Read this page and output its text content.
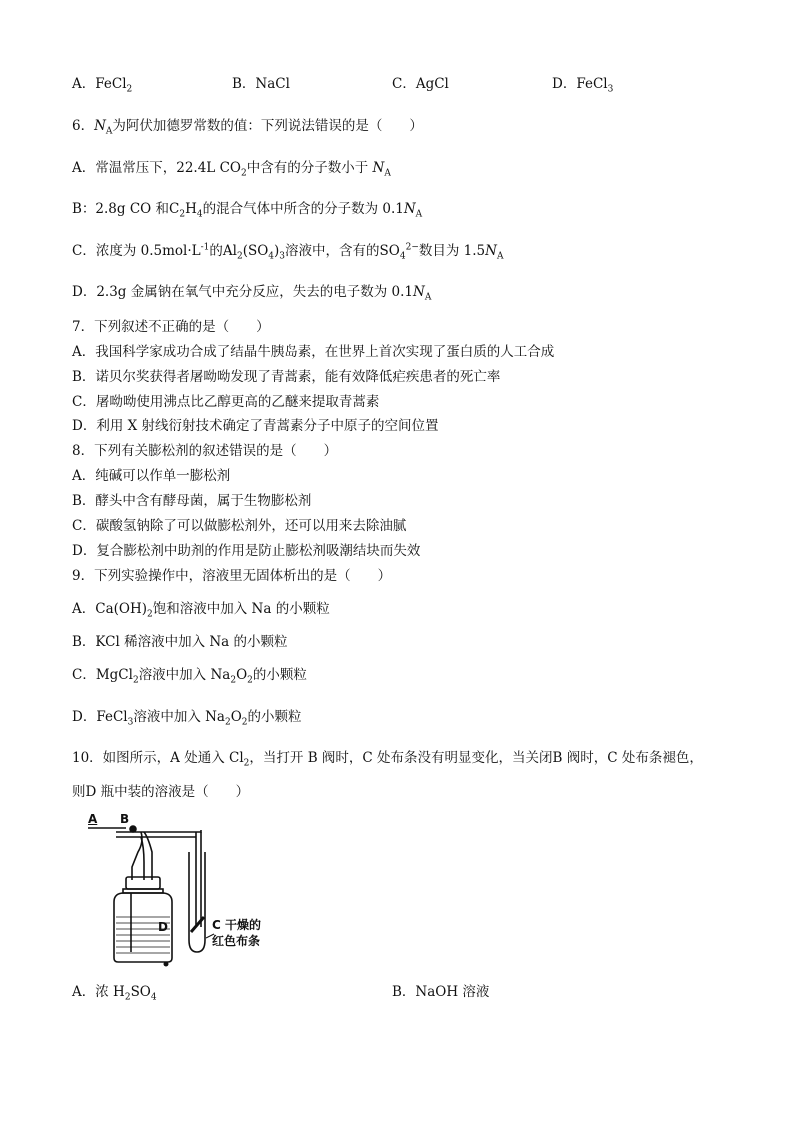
A．FeCl$_2$	B．NaCl	C．AgCl	D．FeCl$_3$
6．$N_A$为阿伏加德罗常数的值：下列说法错误的是（　　）
A．常温常压下，22.4L $CO_2$中含有的分子数小于 $N_A$
B：2.8g CO 和$C_2H_4$的混合气体中所含的分子数为 $0.1N_A$
C．浓度为 $0.5mol\cdot L^{-1}$的$Al_2(SO_4)_3$溶液中，含有的$SO_4^{2-}$数目为 $1.5N_A$
D．2.3g 金属钠在氧气中充分反应，失去的电子数为 $0.1N_A$
7．下列叙述不正确的是（　　）
A．我国科学家成功合成了结晶牛胰岛素，在世界上首次实现了蛋白质的人工合成
B．诺贝尔奖获得者屠呦呦发现了青蒿素，能有效降低疟疾患者的死亡率
C．屠呦呦使用沸点比乙醇更高的乙醚来提取青蒿素
D．利用 X 射线衍射技术确定了青蒿素分子中原子的空间位置
8．下列有关膨松剂的叙述错误的是（　　）
A．纯碱可以作单一膨松剂
B．酵头中含有酵母菌，属于生物膨松剂
C．碳酸氢钠除了可以做膨松剂外，还可以用来去除油腻
D．复合膨松剂中助剂的作用是防止膨松剂吸潮结块而失效
9．下列实验操作中，溶液里无固体析出的是（　　）
A．$Ca(OH)_2$饱和溶液中加入 Na 的小颗粒
B．KCl 稀溶液中加入 Na 的小颗粒
C．MgCl$_2$溶液中加入 $Na_2O_2$的小颗粒
D．FeCl$_3$溶液中加入 $Na_2O_2$的小颗粒
10．如图所示，A 处通入 $Cl_2$，当打开 B 阀时，C 处布条没有明显变化，当关闭B 阀时，C 处布条褪色，
则D 瓶中装的溶液是（　　）
A B
D	C 干燥的
红色布条
A．浓 $H_2SO_4$	B．NaOH 溶液
